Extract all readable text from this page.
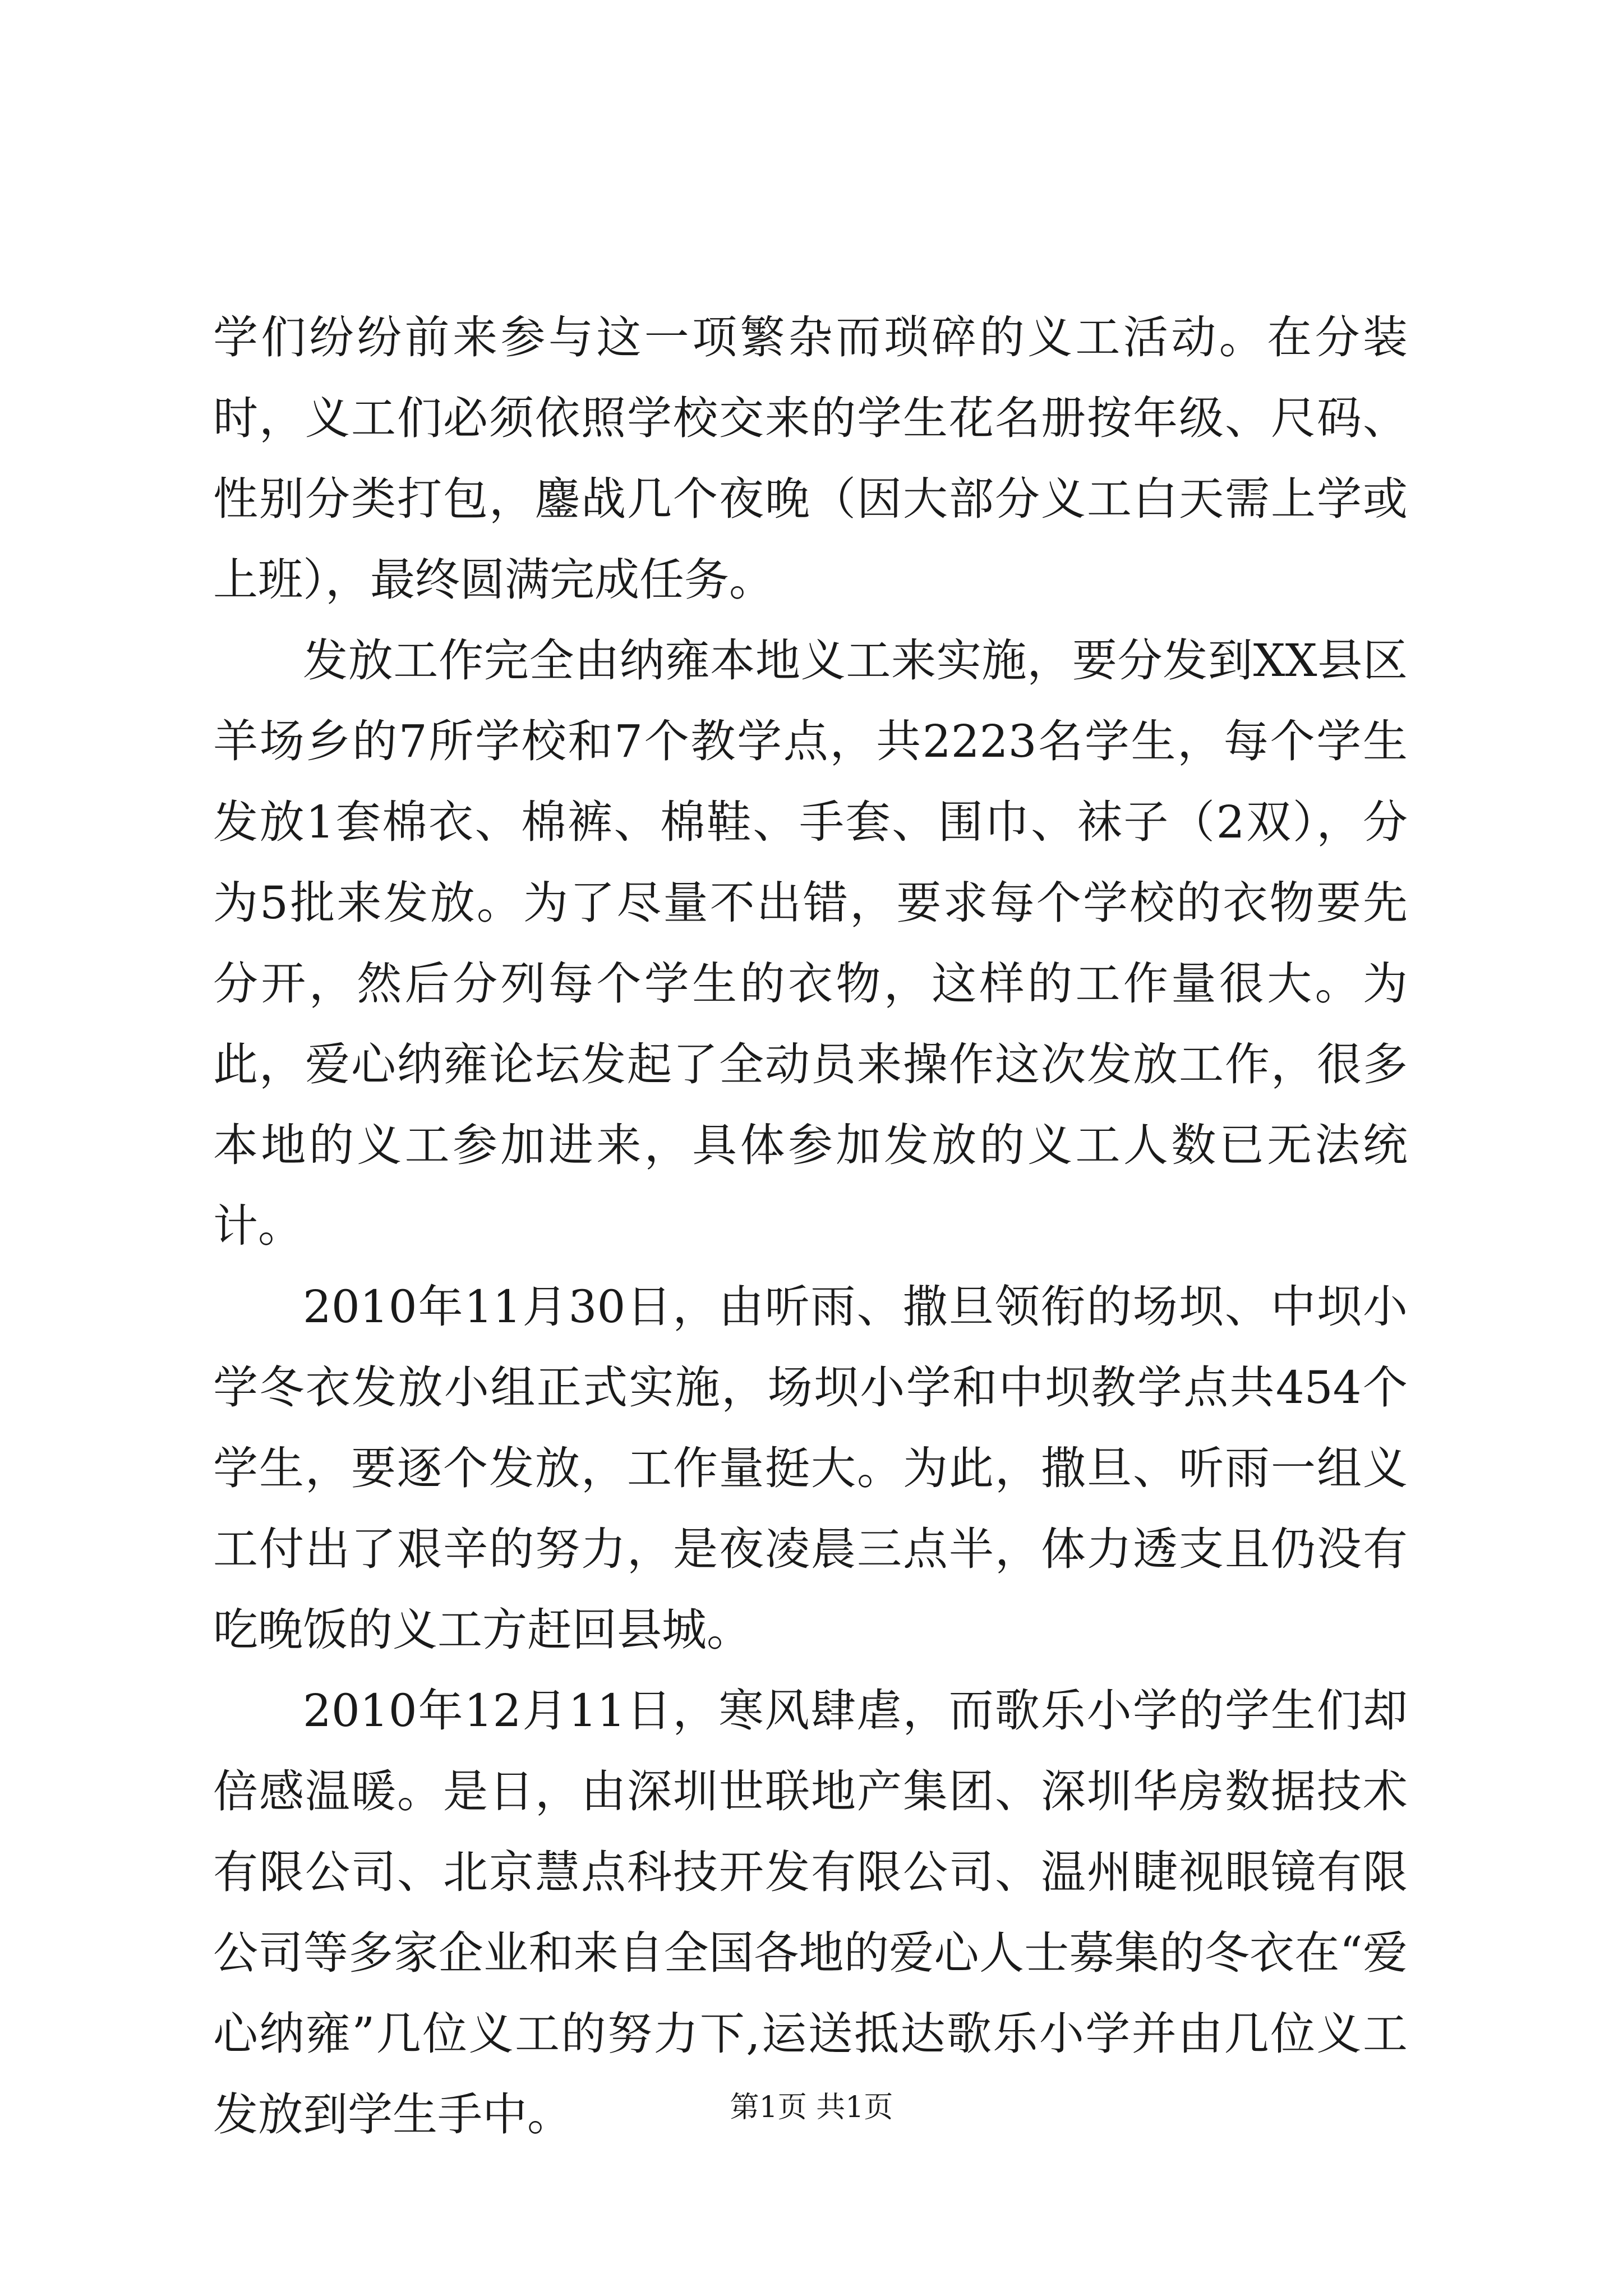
学们纷纷前来参与这一项繁杂而琐碎的义工活动。在分装时，义工们必须依照学校交来的学生花名册按年级、尺码、性别分类打包，鏖战几个夜晚（因大部分义工白天需上学或上班），最终圆满完成任务。

发放工作完全由纳雍本地义工来实施，要分发到XX县区羊场乡的7所学校和7个教学点，共2223名学生，每个学生发放1套棉衣、棉裤、棉鞋、手套、围巾、袜子（2双），分为5批来发放。为了尽量不出错，要求每个学校的衣物要先分开，然后分列每个学生的衣物，这样的工作量很大。为此，爱心纳雍论坛发起了全动员来操作这次发放工作，很多本地的义工参加进来，具体参加发放的义工人数已无法统计。

2010年11月30日，由听雨、撒旦领衔的场坝、中坝小学冬衣发放小组正式实施，场坝小学和中坝教学点共454个学生，要逐个发放，工作量挺大。为此，撒旦、听雨一组义工付出了艰辛的努力，是夜凌晨三点半，体力透支且仍没有吃晚饭的义工方赶回县城。

2010年12月11日，寒风肆虐，而歌乐小学的学生们却倍感温暖。是日，由深圳世联地产集团、深圳华房数据技术有限公司、北京慧点科技开发有限公司、温州睫视眼镜有限公司等多家企业和来自全国各地的爱心人士募集的冬衣在“爱心纳雍”几位义工的努力下,运送抵达歌乐小学并由几位义工发放到学生手中。	第1页 共1页
